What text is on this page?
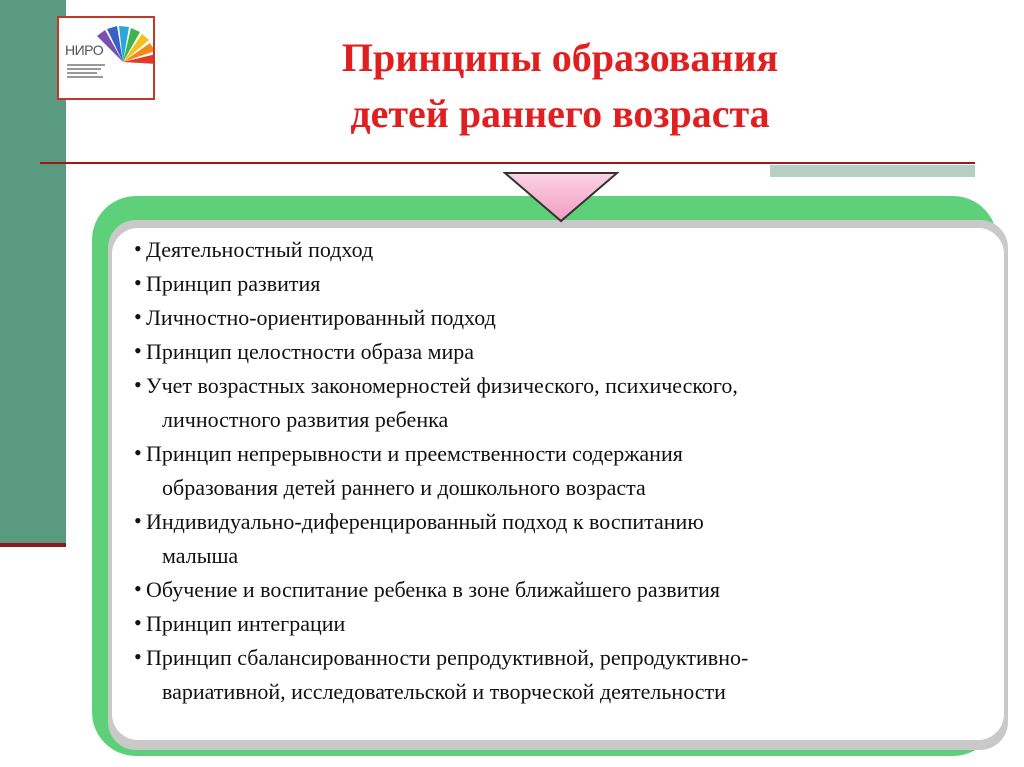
НИРО	Принципы образования
детей раннего возраста
• Деятельностный подход
• Принцип развития
• Личностно-ориентированный подход
• Принцип целостности образа мира
• Учет возрастных закономерностей физического, психического,
личностного развития ребенка
• Принцип непрерывности и преемственности содержания
образования детей раннего и дошкольного возраста
• Индивидуально-диференцированный подход к воспитанию
малыша
• Обучение и воспитание ребенка в зоне ближайшего развития
• Принцип интеграции
• Принцип сбалансированности репродуктивной, репродуктивно-
вариативной, исследовательской и творческой деятельности
